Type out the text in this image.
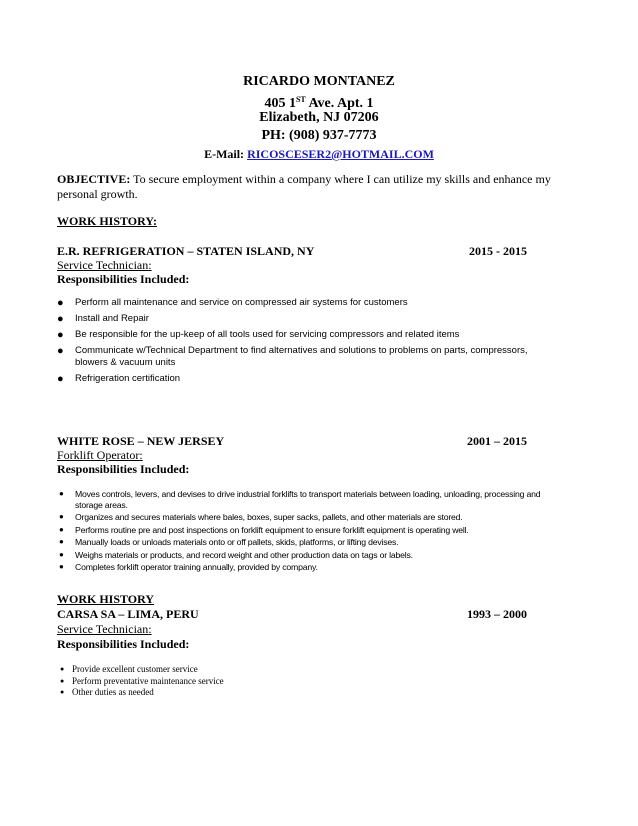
RICARDO MONTANEZ
405 1ST Ave. Apt. 1
Elizabeth, NJ 07206
PH: (908) 937-7773
E-Mail: RICOSCESER2@HOTMAIL.COM
OBJECTIVE: To secure employment within a company where I can utilize my skills and enhance my personal growth.
WORK HISTORY:
E.R. REFRIGERATION – STATEN ISLAND, NY	2015 - 2015
Service Technician:
Responsibilities Included:
● Perform all maintenance and service on compressed air systems for customers
● Install and Repair
● Be responsible for the up-keep of all tools used for servicing compressors and related items
● Communicate w/Technical Department to find alternatives and solutions to problems on parts, compressors, blowers & vacuum units
● Refrigeration certification
WHITE ROSE – NEW JERSEY	2001 – 2015
Forklift Operator:
Responsibilities Included:
● Moves controls, levers, and devises to drive industrial forklifts to transport materials between loading, unloading, processing and storage areas.
● Organizes and secures materials where bales, boxes, super sacks, pallets, and other materials are stored.
● Performs routine pre and post inspections on forklift equipment to ensure forklift equipment is operating well.
● Manually loads or unloads materials onto or off pallets, skids, platforms, or lifting devises.
● Weighs materials or products, and record weight and other production data on tags or labels.
● Completes forklift operator training annually, provided by company.
WORK HISTORY
CARSA SA – LIMA, PERU	1993 – 2000
Service Technician:
Responsibilities Included:
● Provide excellent customer service
● Perform preventative maintenance service
● Other duties as needed
